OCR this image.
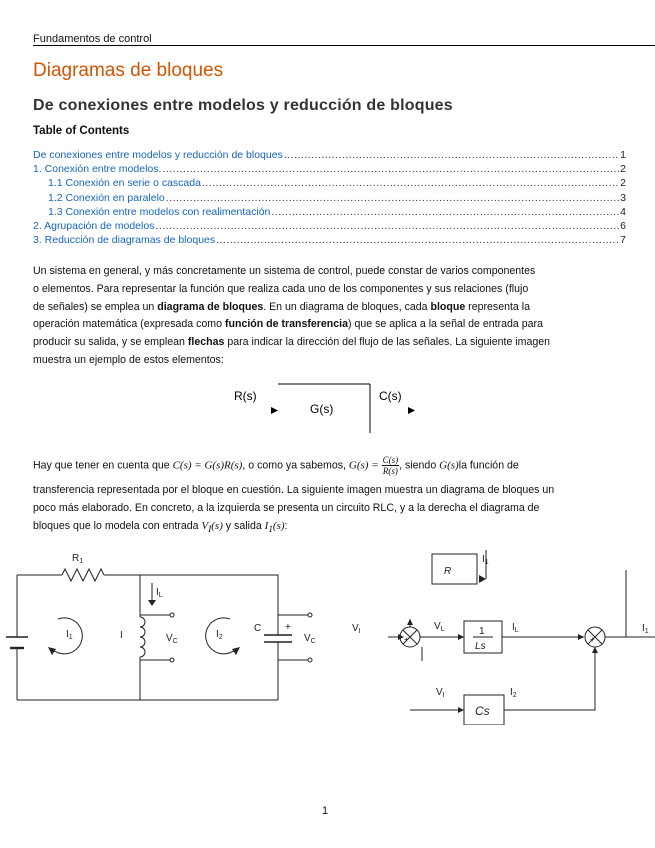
Fundamentos de control
Diagramas de bloques
De conexiones entre modelos y reducción de bloques
Table of Contents
De conexiones entre modelos y reducción de bloques .....	1
1. Conexión entre modelos. .....	2
1.1 Conexión en serie o cascada .....	2
1.2 Conexión en paralelo .....	3
1.3 Conexión entre modelos con realimentación .....	4
2. Agrupación de modelos .....	6
3. Reducción de diagramas de bloques .....	7
Un sistema en general, y más concretamente un sistema de control, puede constar de varios componentes
o elementos. Para representar la función que realiza cada uno de los componentes y sus relaciones (flujo
de señales) se emplea un diagrama de bloques. En un diagrama de bloques, cada bloque representa la
operación matemática (expresada como función de transferencia) que se aplica a la señal de entrada para
producir su salida, y se emplean flechas para indicar la dirección del flujo de las señales. La siguiente imagen
muestra un ejemplo de estos elementos:
R(s)
G(s)
C(s)
Hay que tener en cuenta que C(s) = G(s)R(s), o como ya sabemos, $G(s) = \frac{C(s)}{R(s)}$ , siendo G(s)la función de
transferencia representada por el bloque en cuestión. La siguiente imagen muestra un diagrama de bloques un
poco más elaborado. En concreto, a la izquierda se presenta un circuito RLC, y a la derecha el diagrama de
bloques que lo modela con entrada $V_I(s)$ y salida $I_1(s)$:
$R_1$
$I_L$
$I_1$	$I_2$
I
C +
$V_C$	$V_C$
R
$I_1$
$V_I$	$V_L$	1
Ls
$I_L$
$V_I$
Cs
$I_2$
$I_1$
+	+
1
